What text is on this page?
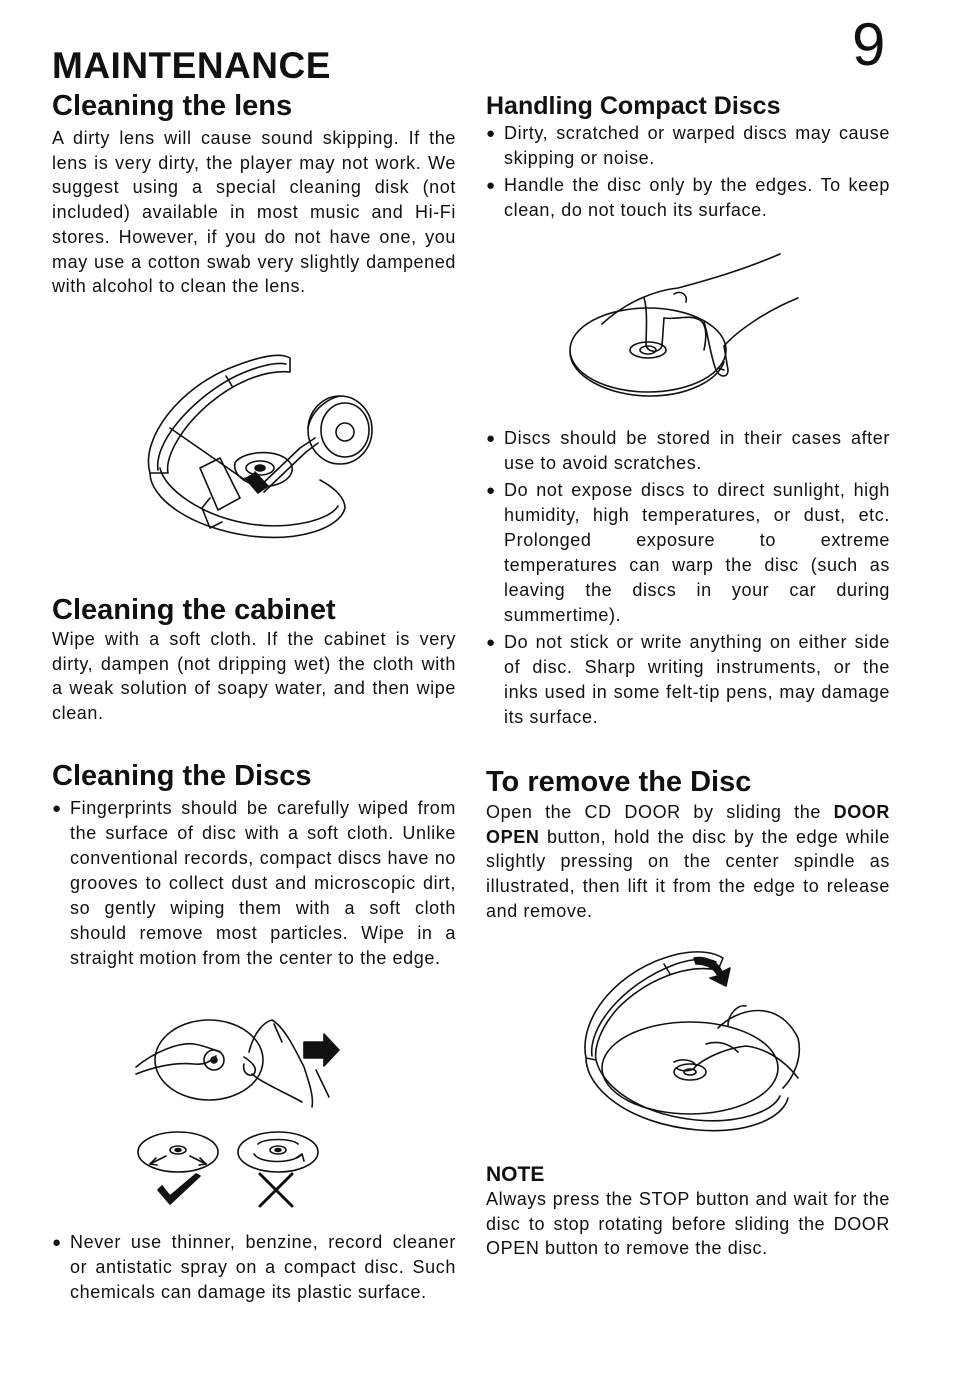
9
MAINTENANCE
Cleaning the lens

A dirty lens will cause sound skipping. If the lens is very dirty, the player may not work. We suggest using a special cleaning disk (not included) available in most music and Hi-Fi stores. However, if you do not have one, you may use a cotton swab very slightly dampened with alcohol to clean the lens.

Cleaning the cabinet

Wipe with a soft cloth. If the cabinet is very dirty, dampen (not dripping wet) the cloth with a weak solution of soapy water, and then wipe clean.

Cleaning the Discs
● Fingerprints should be carefully wiped from the surface of disc with a soft cloth. Unlike conventional records, compact discs have no grooves to collect dust and microscopic dirt, so gently wiping them with a soft cloth should remove most particles. Wipe in a straight motion from the center to the edge.
● Never use thinner, benzine, record cleaner or antistatic spray on a compact disc. Such chemicals can damage its plastic surface.
Handling Compact Discs
● Dirty, scratched or warped discs may cause skipping or noise.
● Handle the disc only by the edges. To keep clean, do not touch its surface.
● Discs should be stored in their cases after use to avoid scratches.
● Do not expose discs to direct sunlight, high humidity, high temperatures, or dust, etc. Prolonged exposure to extreme temperatures can warp the disc (such as leaving the discs in your car during summertime).
● Do not stick or write anything on either side of disc. Sharp writing instruments, or the inks used in some felt-tip pens, may damage its surface.
To remove the Disc

Open the CD DOOR by sliding the DOOR OPEN button, hold the disc by the edge while slightly pressing on the center spindle as illustrated, then lift it from the edge to release and remove.

NOTE

Always press the STOP button and wait for the disc to stop rotating before sliding the DOOR OPEN button to remove the disc.
